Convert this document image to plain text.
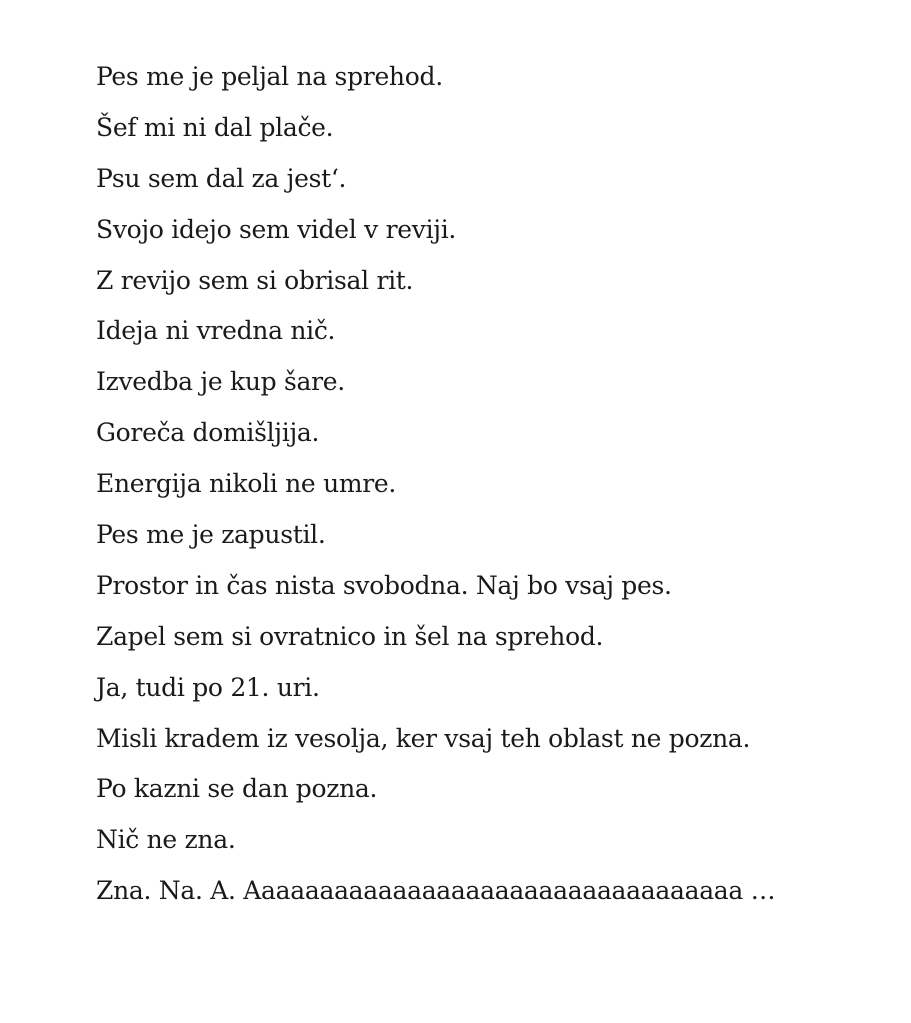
Pes me je peljal na sprehod.
Šef mi ni dal plače.
Psu sem dal za jest‘.
Svojo idejo sem videl v reviji.
Z revijo sem si obrisal rit.
Ideja ni vredna nič.
Izvedba je kup šare.
Goreča domišljija.
Energija nikoli ne umre.
Pes me je zapustil.
Prostor in čas nista svobodna. Naj bo vsaj pes.
Zapel sem si ovratnico in šel na sprehod.
Ja, tudi po 21. uri.
Misli kradem iz vesolja, ker vsaj teh oblast ne pozna.
Po kazni se dan pozna.
Nič ne zna.
Zna. Na. A. Aaaaaaaaaaaaaaaaaaaaaaaaaaaaaaaaaa …
